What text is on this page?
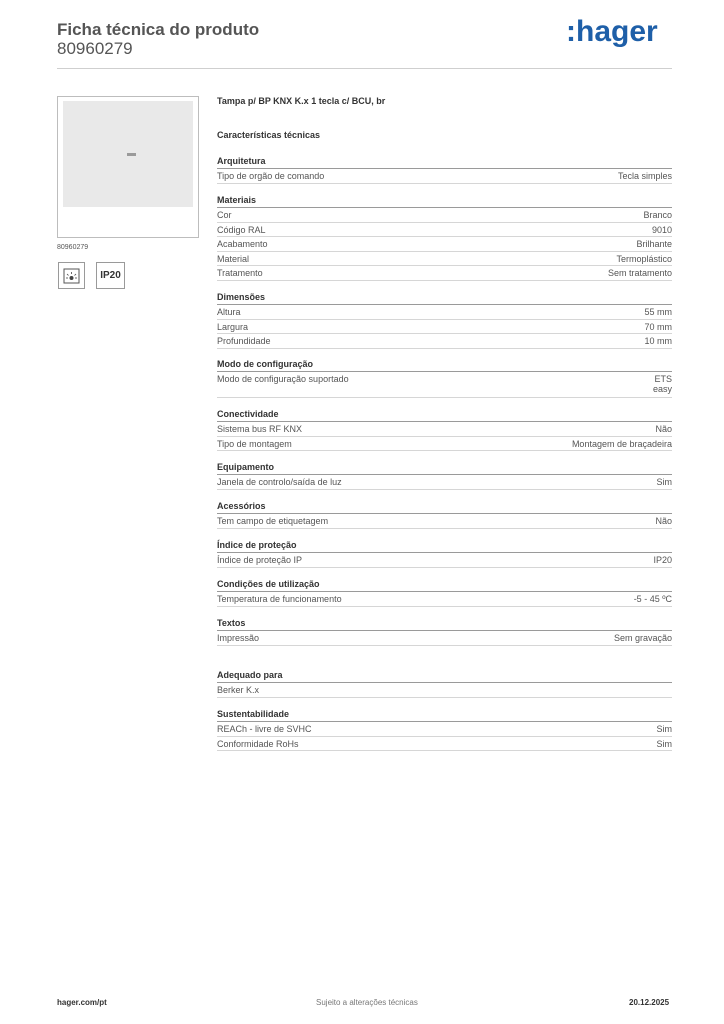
Ficha técnica do produto
80960279
:hager
80960279
IP20
Tampa p/ BP KNX K.x 1 tecla c/ BCU, br
Características técnicas
Arquitetura
Tipo de orgão de comando	Tecla simples
Materiais
Cor	Branco
Código RAL	9010
Acabamento	Brilhante
Material	Termoplástico
Tratamento	Sem tratamento
Dimensões
Altura	55 mm
Largura	70 mm
Profundidade	10 mm
Modo de configuração
Modo de configuração suportado	ETS
easy
Conectividade
Sistema bus RF KNX	Não
Tipo de montagem	Montagem de braçadeira
Equipamento
Janela de controlo/saída de luz	Sim
Acessórios
Tem campo de etiquetagem	Não
Índice de proteção
Índice de proteção IP	IP20
Condições de utilização
Temperatura de funcionamento	-5 - 45 ºC
Textos
Impressão	Sem gravação
Adequado para
Berker K.x
Sustentabilidade
REACh - livre de SVHC	Sim
Conformidade RoHs	Sim
hager.com/pt	Sujeito a alterações técnicas	20.12.2025
